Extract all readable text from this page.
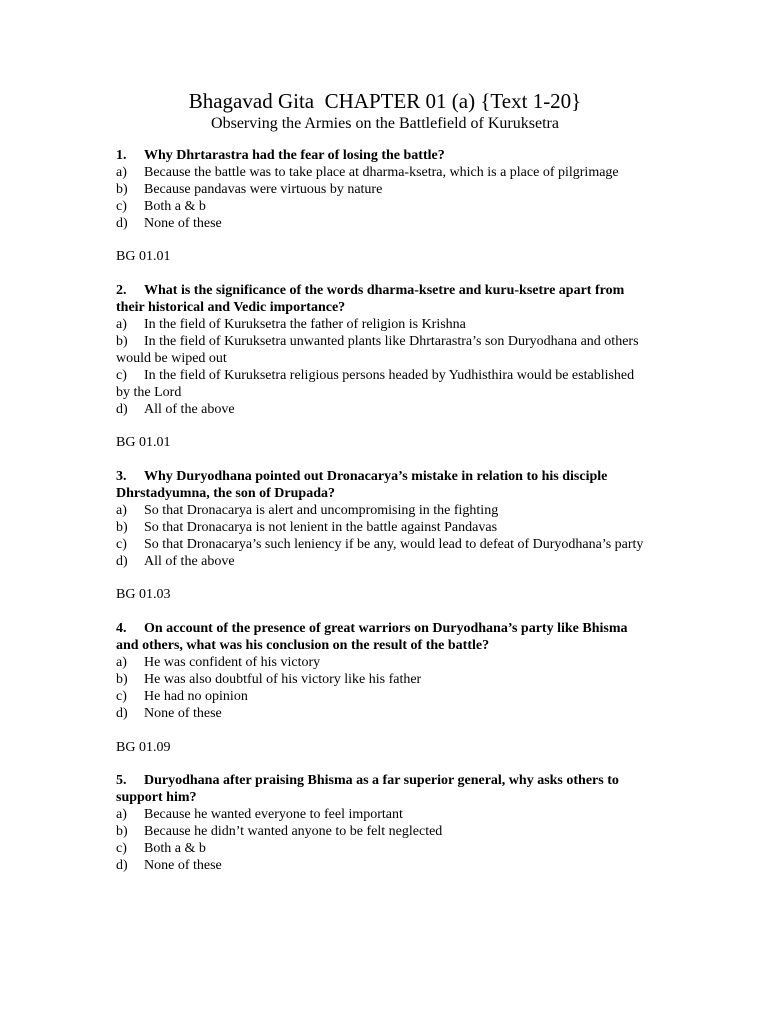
Bhagavad Gita  CHAPTER 01 (a) {Text 1-20}
Observing the Armies on the Battlefield of Kuruksetra
1. Why Dhrtarastra had the fear of losing the battle?
a) Because the battle was to take place at dharma-ksetra, which is a place of pilgrimage
b) Because pandavas were virtuous by nature
c) Both a & b
d) None of these
BG 01.01
2. What is the significance of the words dharma-ksetre and kuru-ksetre apart from their historical and Vedic importance?
a) In the field of Kuruksetra the father of religion is Krishna
b) In the field of Kuruksetra unwanted plants like Dhrtarastra’s son Duryodhana and others would be wiped out
c) In the field of Kuruksetra religious persons headed by Yudhisthira would be established by the Lord
d) All of the above
BG 01.01
3. Why Duryodhana pointed out Dronacarya’s mistake in relation to his disciple Dhrstadyumna, the son of Drupada?
a) So that Dronacarya is alert and uncompromising in the fighting
b) So that Dronacarya is not lenient in the battle against Pandavas
c) So that Dronacarya’s such leniency if be any, would lead to defeat of Duryodhana’s party
d) All of the above
BG 01.03
4. On account of the presence of great warriors on Duryodhana’s party like Bhisma and others, what was his conclusion on the result of the battle?
a) He was confident of his victory
b) He was also doubtful of his victory like his father
c) He had no opinion
d) None of these
BG 01.09
5. Duryodhana after praising Bhisma as a far superior general, why asks others to support him?
a) Because he wanted everyone to feel important
b) Because he didn’t wanted anyone to be felt neglected
c) Both a & b
d) None of these
